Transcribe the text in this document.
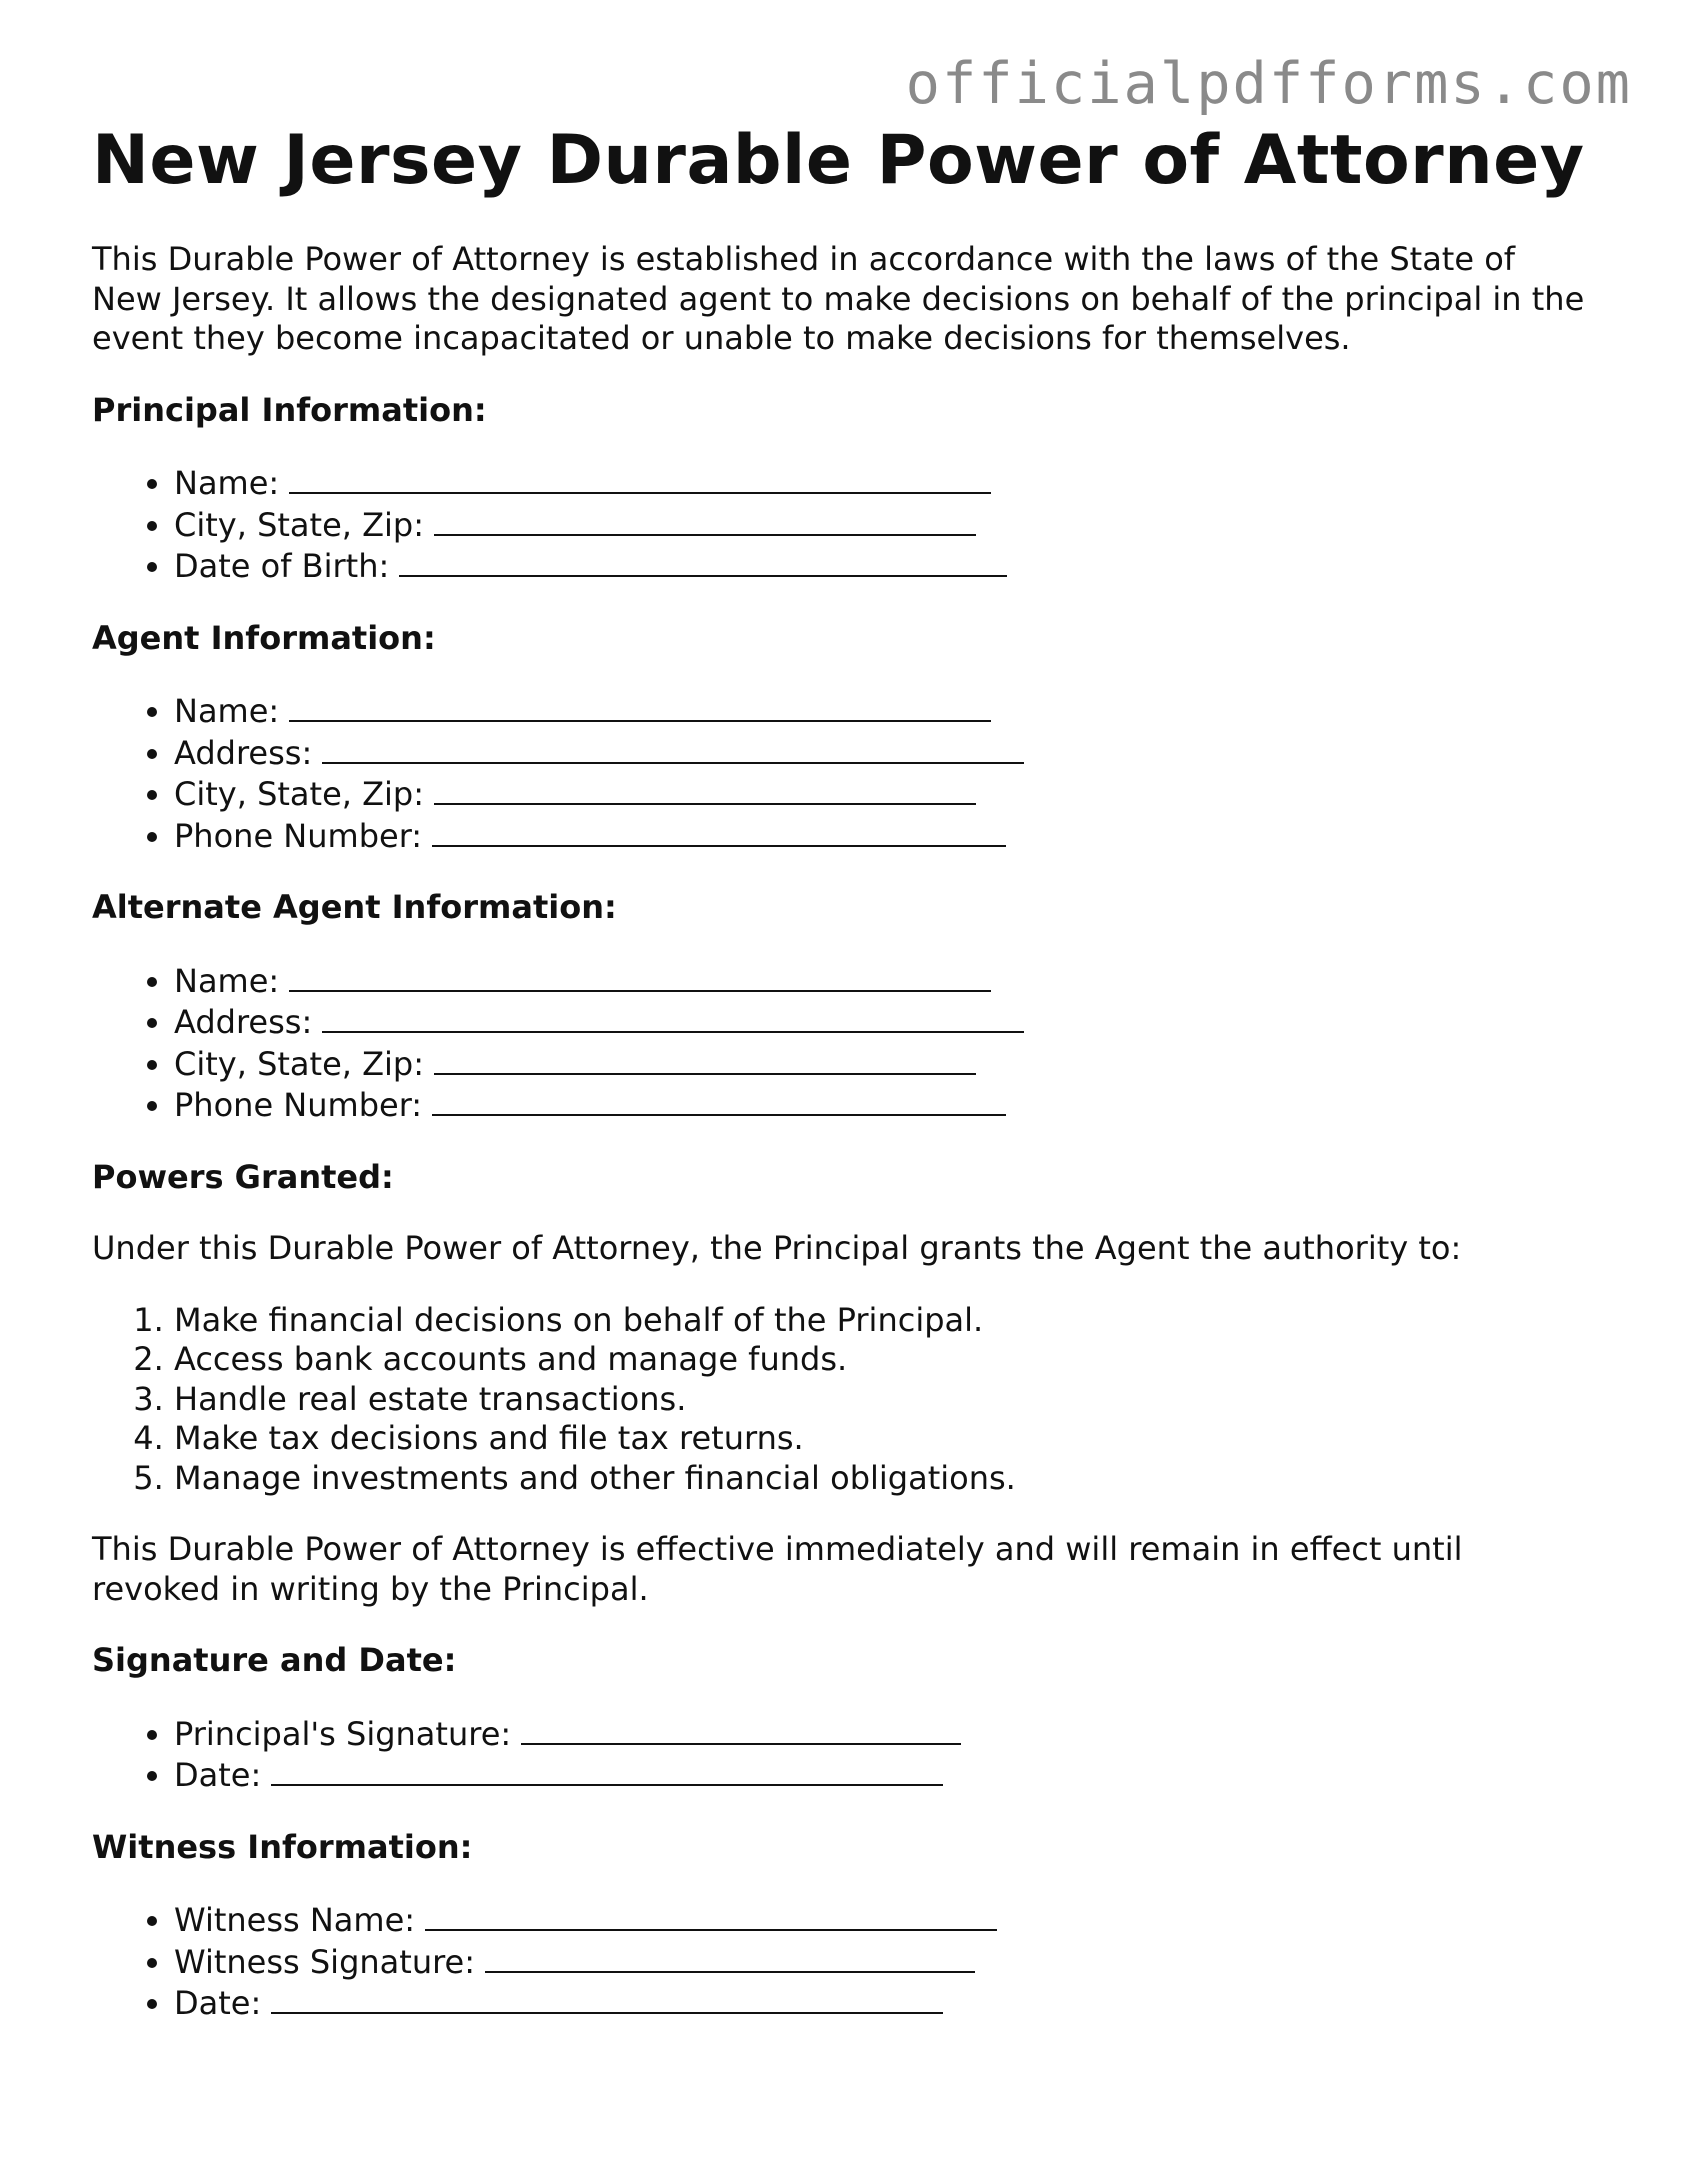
officialpdfforms.com
New Jersey Durable Power of Attorney

This Durable Power of Attorney is established in accordance with the laws of the State of New Jersey. It allows the designated agent to make decisions on behalf of the principal in the event they become incapacitated or unable to make decisions for themselves.

Principal Information:
• Name:
• City, State, Zip:
• Date of Birth:
Agent Information:
• Name:
• Address:
• City, State, Zip:
• Phone Number:
Alternate Agent Information:
• Name:
• Address:
• City, State, Zip:
• Phone Number:
Powers Granted:

Under this Durable Power of Attorney, the Principal grants the Agent the authority to:

1. Make financial decisions on behalf of the Principal.
2. Access bank accounts and manage funds.
3. Handle real estate transactions.
4. Make tax decisions and file tax returns.
5. Manage investments and other financial obligations.

This Durable Power of Attorney is effective immediately and will remain in effect until revoked in writing by the Principal.

Signature and Date:
• Principal's Signature:
• Date:
Witness Information:
• Witness Name:
• Witness Signature:
• Date:
